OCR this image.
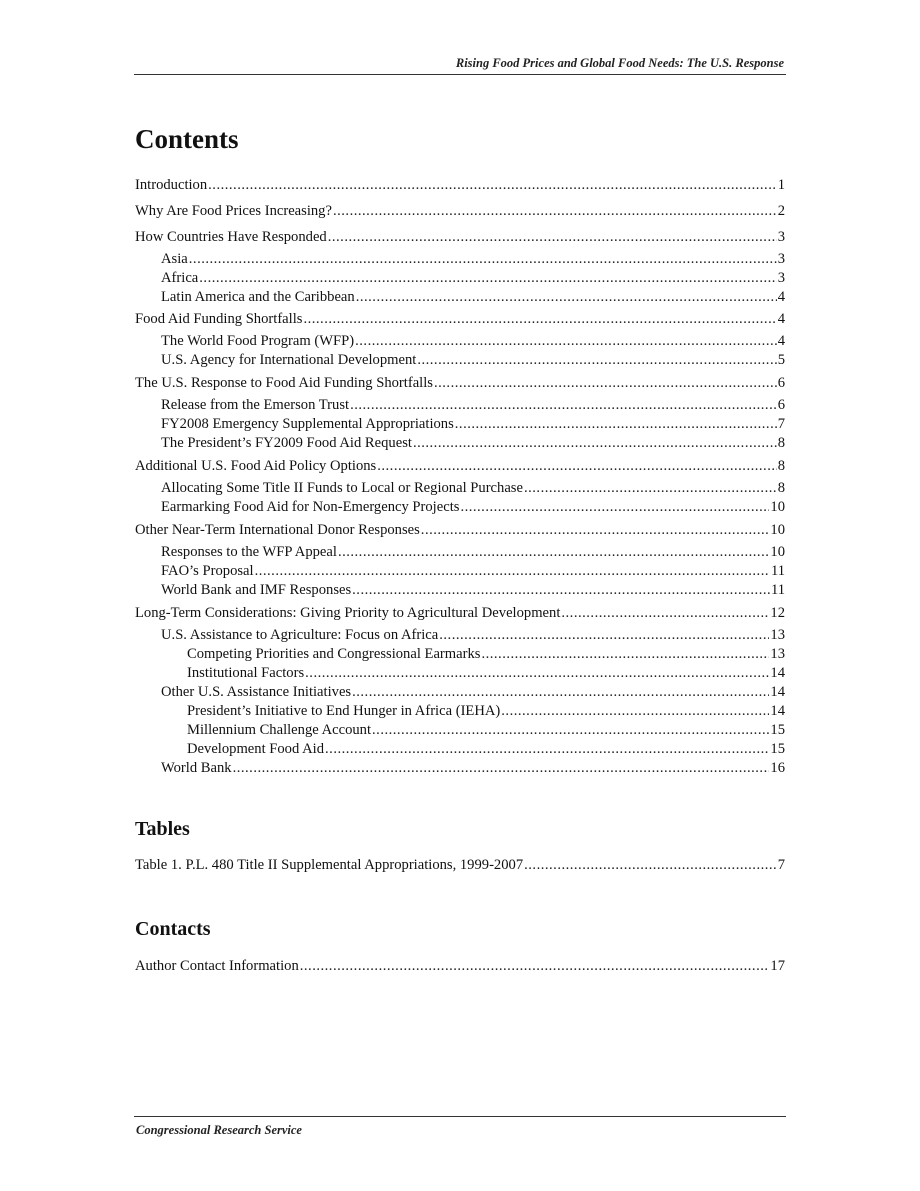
Rising Food Prices and Global Food Needs: The U.S. Response
Contents
Introduction .....	1
Why Are Food Prices Increasing? .....	2
How Countries Have Responded .....	3
Asia .....	3
Africa .....	3
Latin America and the Caribbean .....	4
Food Aid Funding Shortfalls .....	4
The World Food Program (WFP) .....	4
U.S. Agency for International Development .....	5
The U.S. Response to Food Aid Funding Shortfalls .....	6
Release from the Emerson Trust .....	6
FY2008 Emergency Supplemental Appropriations .....	7
The President’s FY2009 Food Aid Request .....	8
Additional U.S. Food Aid Policy Options .....	8
Allocating Some Title II Funds to Local or Regional Purchase .....	8
Earmarking Food Aid for Non-Emergency Projects .....	10
Other Near-Term International Donor Responses .....	10
Responses to the WFP Appeal .....	10
FAO’s Proposal .....	11
World Bank and IMF Responses .....	11
Long-Term Considerations: Giving Priority to Agricultural Development .....	12
U.S. Assistance to Agriculture: Focus on Africa .....	13
Competing Priorities and Congressional Earmarks .....	13
Institutional Factors .....	14
Other U.S. Assistance Initiatives .....	14
President’s Initiative to End Hunger in Africa (IEHA) .....	14
Millennium Challenge Account .....	15
Development Food Aid .....	15
World Bank .....	16
Tables
Table 1. P.L. 480 Title II Supplemental Appropriations, 1999-2007 .....	7
Contacts
Author Contact Information .....	17
Congressional Research Service
